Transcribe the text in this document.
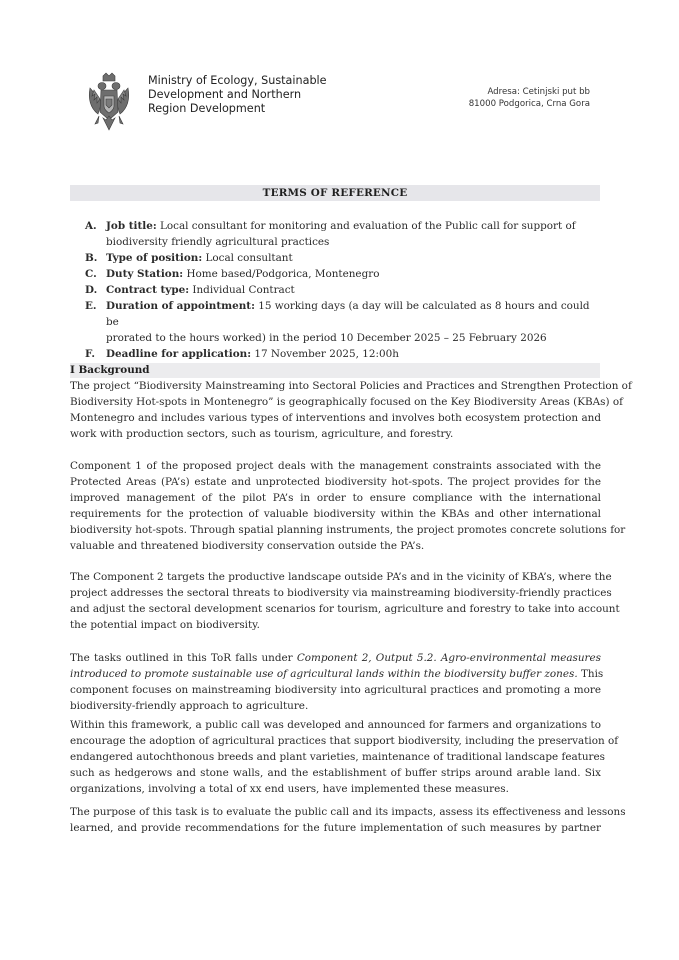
Ministry of Ecology, Sustainable
Development and Northern
Region Development
Adresa: Cetinjski put bb
81000 Podgorica, Crna Gora
TERMS OF REFERENCE
A. Job title: Local consultant for monitoring and evaluation of the Public call for support of
biodiversity friendly agricultural practices
B. Type of position: Local consultant
C. Duty Station: Home based/Podgorica, Montenegro
D. Contract type: Individual Contract
E. Duration of appointment: 15 working days (a day will be calculated as 8 hours and could be
prorated to the hours worked) in the period 10 December 2025 – 25 February 2026
F. Deadline for application: 17 November 2025, 12:00h
I Background
The project “Biodiversity Mainstreaming into Sectoral Policies and Practices and Strengthen Protection of
Biodiversity Hot-spots in Montenegro” is geographically focused on the Key Biodiversity Areas (KBAs) of
Montenegro and includes various types of interventions and involves both ecosystem protection and
work with production sectors, such as tourism, agriculture, and forestry.
Component 1 of the proposed project deals with the management constraints associated with the
Protected Areas (PA’s) estate and unprotected biodiversity hot-spots. The project provides for the
improved management of the pilot PA’s in order to ensure compliance with the international
requirements for the protection of valuable biodiversity within the KBAs and other international
biodiversity hot-spots. Through spatial planning instruments, the project promotes concrete solutions for
valuable and threatened biodiversity conservation outside the PA’s.
The Component 2 targets the productive landscape outside PA’s and in the vicinity of KBA’s, where the
project addresses the sectoral threats to biodiversity via mainstreaming biodiversity-friendly practices
and adjust the sectoral development scenarios for tourism, agriculture and forestry to take into account
the potential impact on biodiversity.
The tasks outlined in this ToR falls under Component 2, Output 5.2. Agro-environmental measures
introduced to promote sustainable use of agricultural lands within the biodiversity buffer zones. This
component focuses on mainstreaming biodiversity into agricultural practices and promoting a more
biodiversity-friendly approach to agriculture.
Within this framework, a public call was developed and announced for farmers and organizations to
encourage the adoption of agricultural practices that support biodiversity, including the preservation of
endangered autochthonous breeds and plant varieties, maintenance of traditional landscape features
such as hedgerows and stone walls, and the establishment of buffer strips around arable land. Six
organizations, involving a total of xx end users, have implemented these measures.
The purpose of this task is to evaluate the public call and its impacts, assess its effectiveness and lessons
learned, and provide recommendations for the future implementation of such measures by partner
